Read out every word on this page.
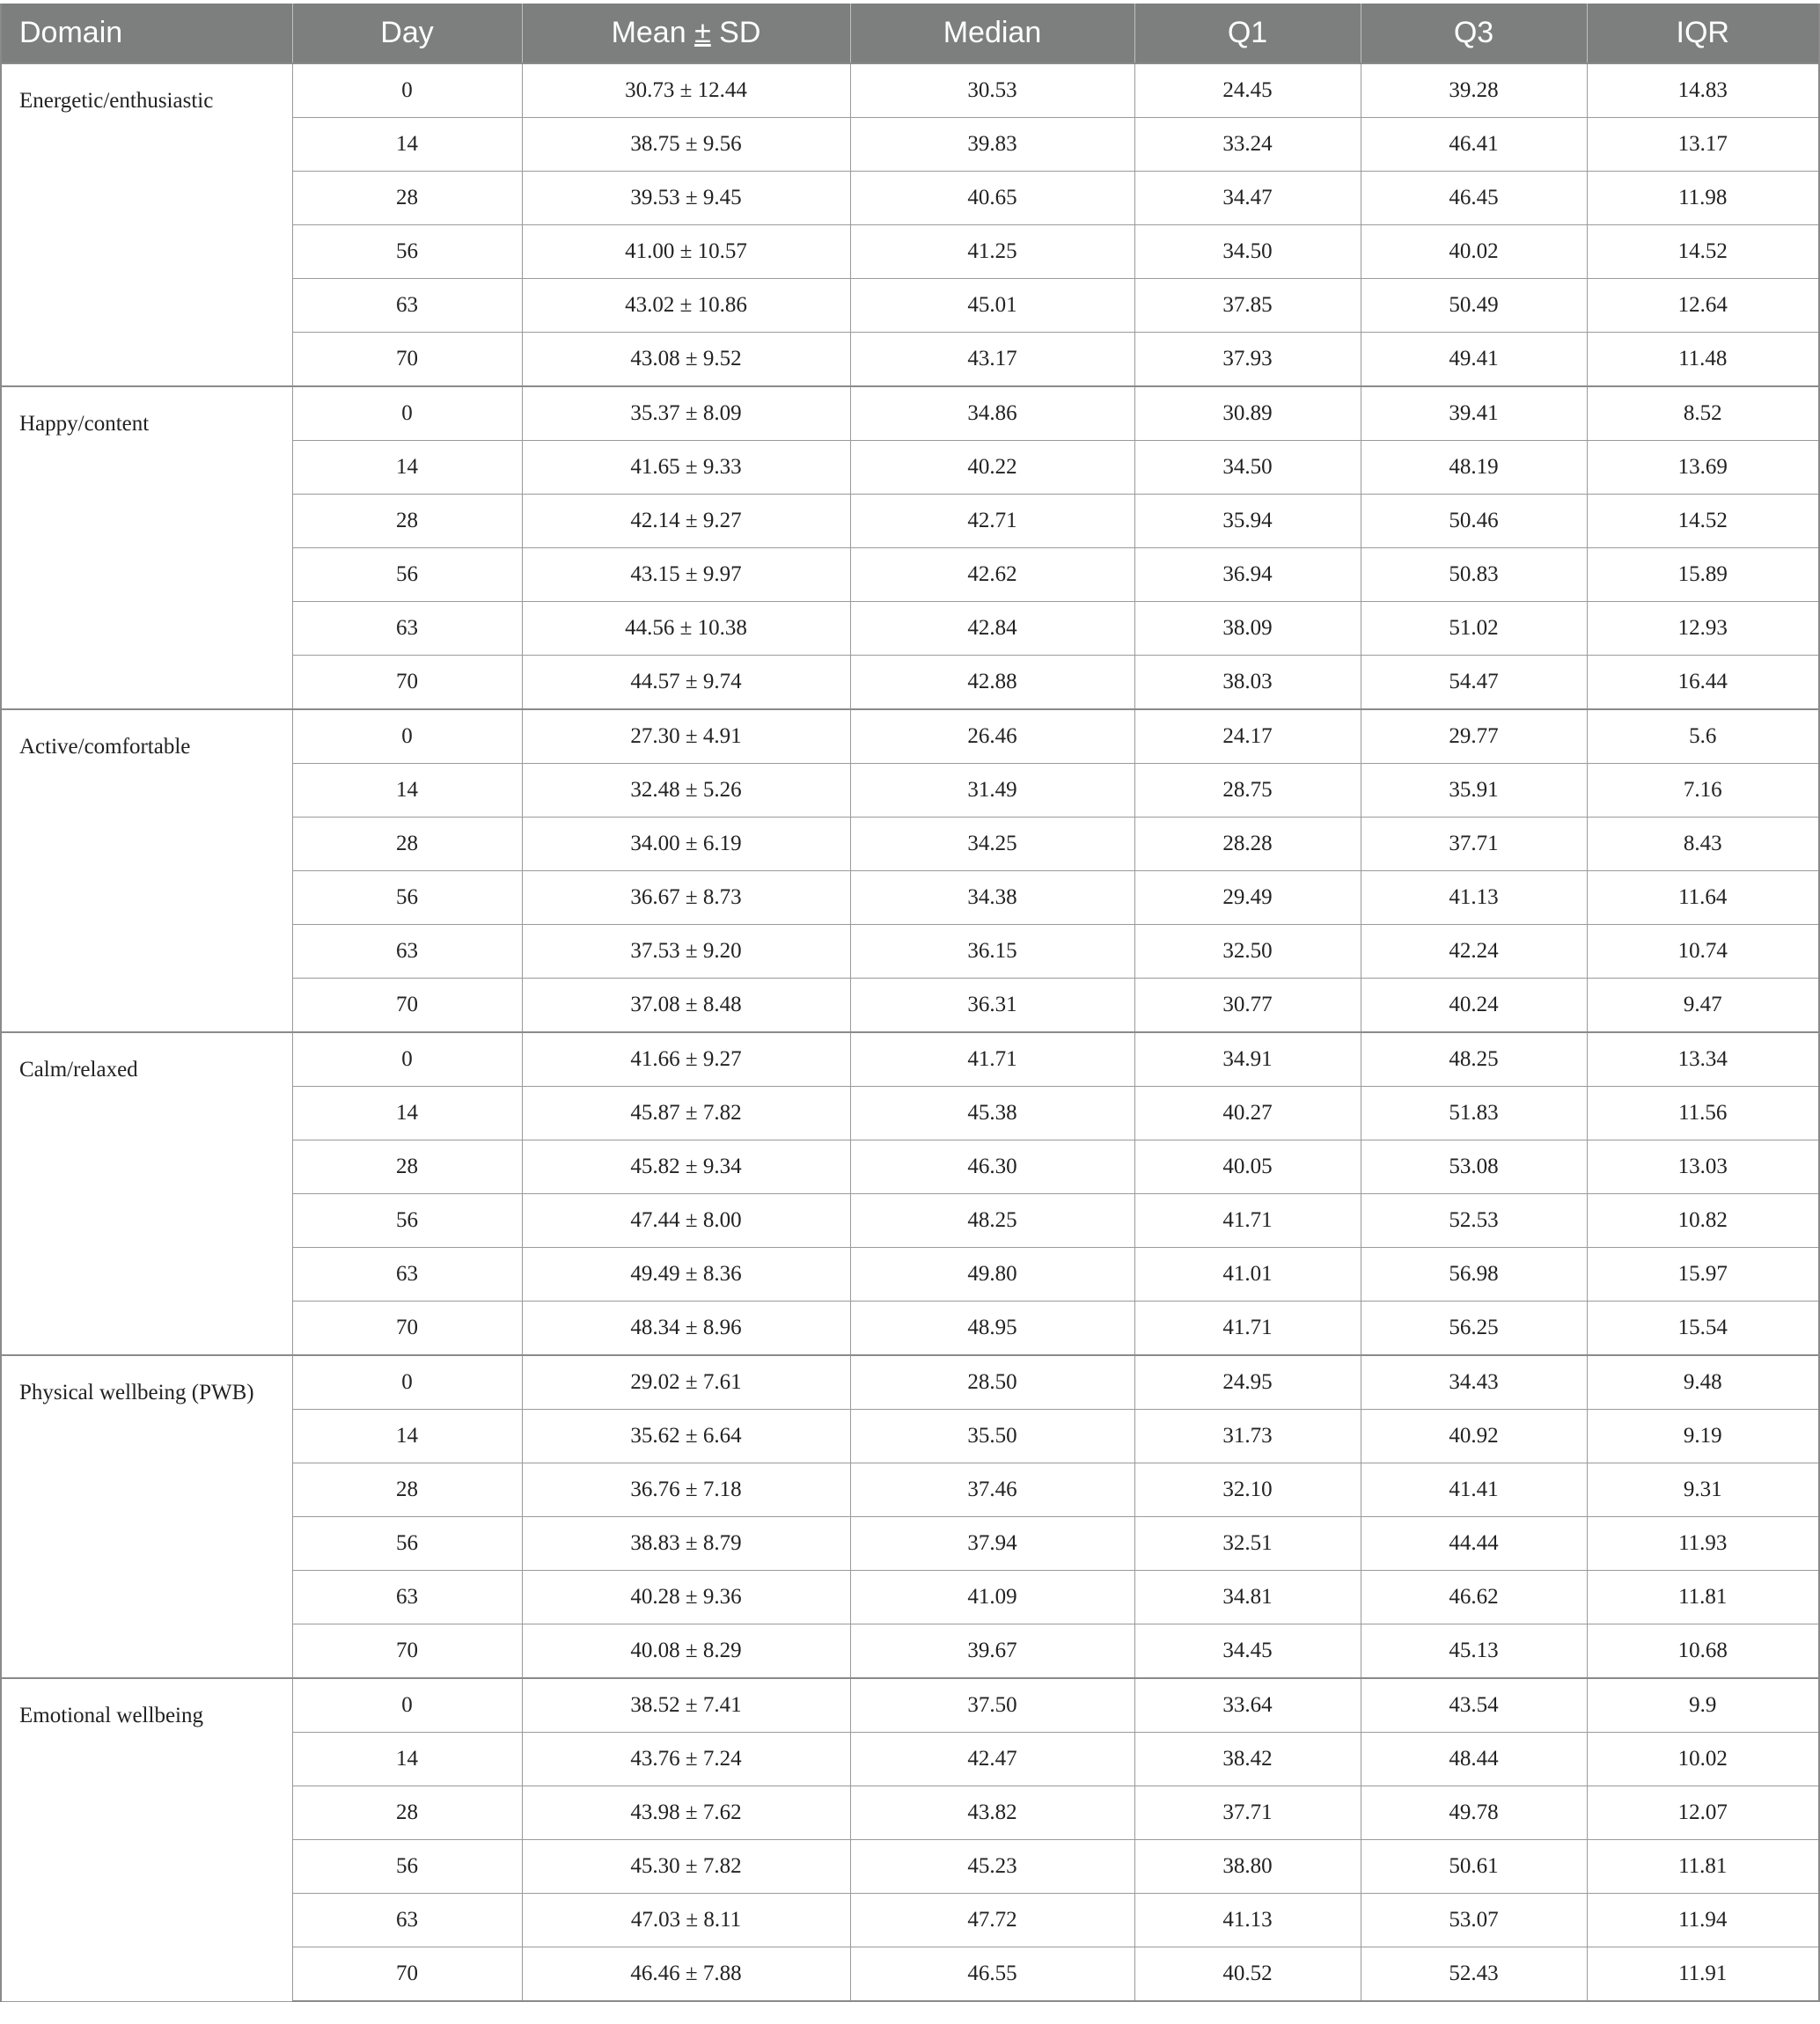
Domain	Day	Mean ± SD	Median	Q1	Q3	IQR
Energetic/enthusiastic	0	30.73 ± 12.44	30.53	24.45	39.28	14.83
	14	38.75 ± 9.56	39.83	33.24	46.41	13.17
	28	39.53 ± 9.45	40.65	34.47	46.45	11.98
	56	41.00 ± 10.57	41.25	34.50	40.02	14.52
	63	43.02 ± 10.86	45.01	37.85	50.49	12.64
	70	43.08 ± 9.52	43.17	37.93	49.41	11.48
Happy/content	0	35.37 ± 8.09	34.86	30.89	39.41	8.52
	14	41.65 ± 9.33	40.22	34.50	48.19	13.69
	28	42.14 ± 9.27	42.71	35.94	50.46	14.52
	56	43.15 ± 9.97	42.62	36.94	50.83	15.89
	63	44.56 ± 10.38	42.84	38.09	51.02	12.93
	70	44.57 ± 9.74	42.88	38.03	54.47	16.44
Active/comfortable	0	27.30 ± 4.91	26.46	24.17	29.77	5.6
	14	32.48 ± 5.26	31.49	28.75	35.91	7.16
	28	34.00 ± 6.19	34.25	28.28	37.71	8.43
	56	36.67 ± 8.73	34.38	29.49	41.13	11.64
	63	37.53 ± 9.20	36.15	32.50	42.24	10.74
	70	37.08 ± 8.48	36.31	30.77	40.24	9.47
Calm/relaxed	0	41.66 ± 9.27	41.71	34.91	48.25	13.34
	14	45.87 ± 7.82	45.38	40.27	51.83	11.56
	28	45.82 ± 9.34	46.30	40.05	53.08	13.03
	56	47.44 ± 8.00	48.25	41.71	52.53	10.82
	63	49.49 ± 8.36	49.80	41.01	56.98	15.97
	70	48.34 ± 8.96	48.95	41.71	56.25	15.54
Physical wellbeing (PWB)	0	29.02 ± 7.61	28.50	24.95	34.43	9.48
	14	35.62 ± 6.64	35.50	31.73	40.92	9.19
	28	36.76 ± 7.18	37.46	32.10	41.41	9.31
	56	38.83 ± 8.79	37.94	32.51	44.44	11.93
	63	40.28 ± 9.36	41.09	34.81	46.62	11.81
	70	40.08 ± 8.29	39.67	34.45	45.13	10.68
Emotional wellbeing	0	38.52 ± 7.41	37.50	33.64	43.54	9.9
	14	43.76 ± 7.24	42.47	38.42	48.44	10.02
	28	43.98 ± 7.62	43.82	37.71	49.78	12.07
	56	45.30 ± 7.82	45.23	38.80	50.61	11.81
	63	47.03 ± 8.11	47.72	41.13	53.07	11.94
	70	46.46 ± 7.88	46.55	40.52	52.43	11.91
